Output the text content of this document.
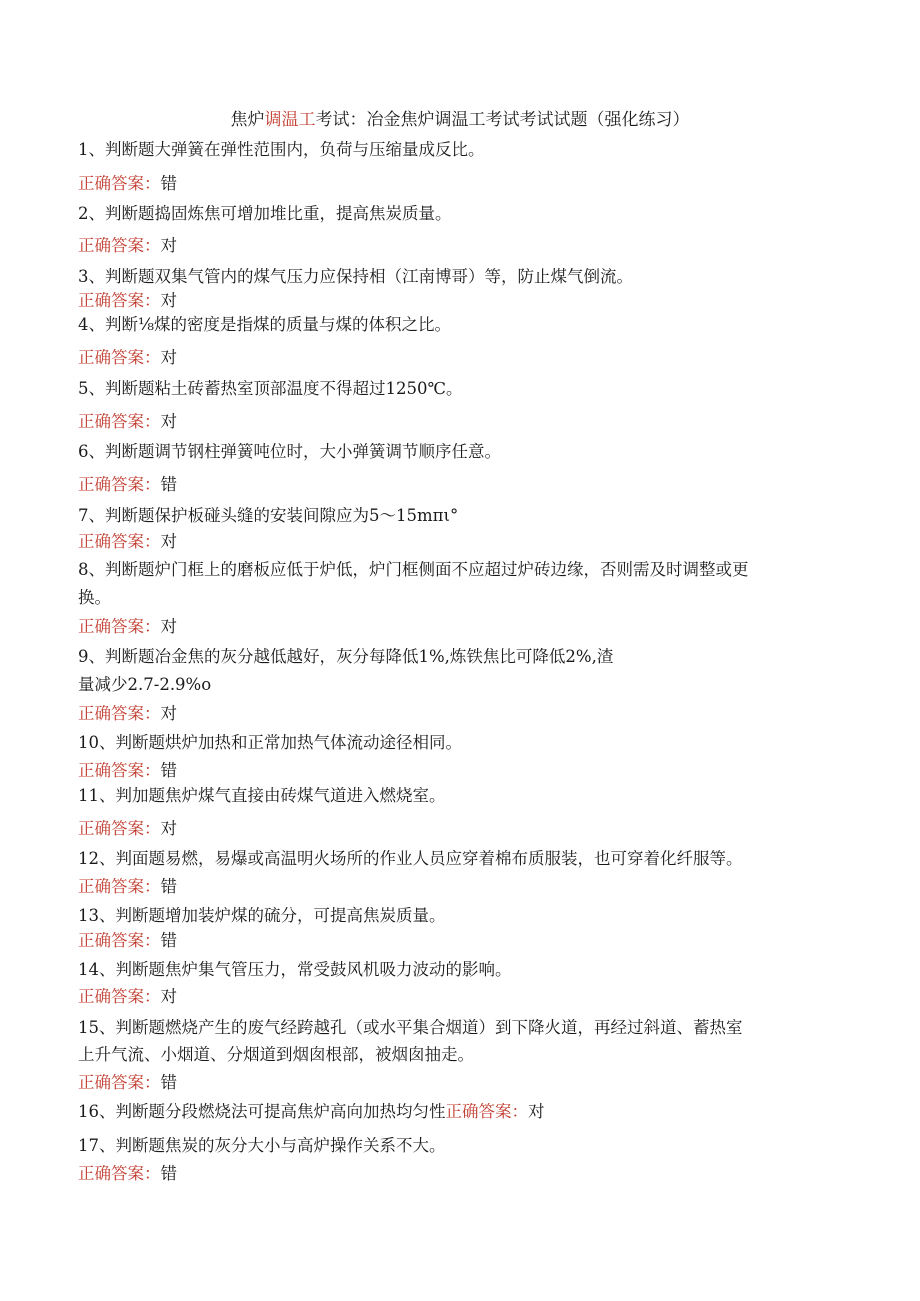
焦炉调温工考试：冶金焦炉调温工考试考试试题（强化练习）
1、判断题大弹簧在弹性范围内，负荷与压缩量成反比。
正确答案：错
2、判断题捣固炼焦可增加堆比重，提高焦炭质量。
正确答案：对
3、判断题双集气管内的煤气压力应保持相（江南博哥）等，防止煤气倒流。
正确答案：对
4、判断⅛煤的密度是指煤的质量与煤的体积之比。
正确答案：对
5、判断题粘土砖蓄热室顶部温度不得超过1250℃。
正确答案：对
6、判断题调节钢柱弹簧吨位时，大小弹簧调节顺序任意。
正确答案：错
7、判断题保护板碰头缝的安装间隙应为5～15mπι°
正确答案：对
8、判断题炉门框上的磨板应低于炉低，炉门框侧面不应超过炉砖边缘，否则需及时调整或更
换。
正确答案：对
9、判断题冶金焦的灰分越低越好，灰分每降低1%,炼铁焦比可降低2%,渣
量减少2.7-2.9%o
正确答案：对
10、判断题烘炉加热和正常加热气体流动途径相同。
正确答案：错
11、判加题焦炉煤气直接由砖煤气道进入燃烧室。
正确答案：对
12、判面题易燃，易爆或高温明火场所的作业人员应穿着棉布质服装，也可穿着化纤服等。
正确答案：错
13、判断题增加装炉煤的硫分，可提高焦炭质量。
正确答案：错
14、判断题焦炉集气管压力，常受鼓风机吸力波动的影响。
正确答案：对
15、判断题燃烧产生的废气经跨越孔（或水平集合烟道）到下降火道，再经过斜道、蓄热室
上升气流、小烟道、分烟道到烟囱根部，被烟囱抽走。
正确答案：错
16、判断题分段燃烧法可提高焦炉高向加热均匀性正确答案：对
17、判断题焦炭的灰分大小与高炉操作关系不大。
正确答案：错
